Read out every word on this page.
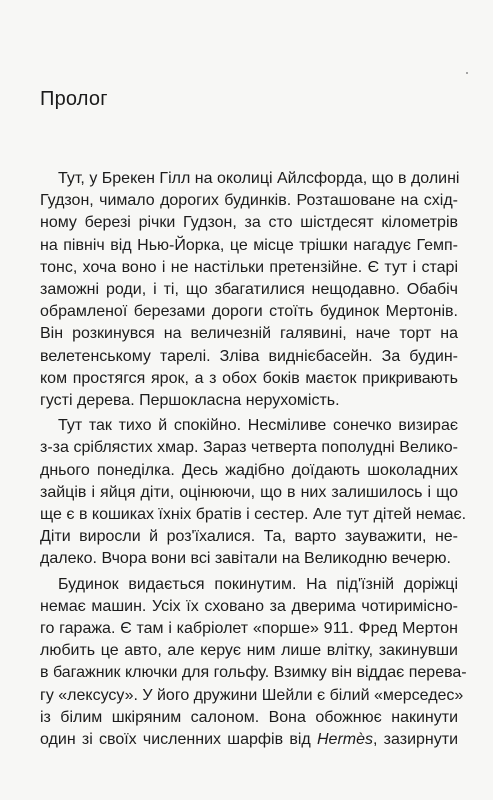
Пролог

Тут, у Брекен Гілл на околиці Айлсфорда, що в долині
Гудзон, чимало дорогих будинків. Розташоване на схід-
ному березі річки Гудзон, за сто шістдесят кілометрів
на північ від Нью-Йорка, це місце трішки нагадує Гемп-
тонс, хоча воно і не настільки претензійне. Є тут і старі
заможні роди, і ті, що збагатилися нещодавно. Обабіч
обрамленої березами дороги стоїть будинок Мертонів.
Він розкинувся на величезній галявині, наче торт на
велетенському тарелі. Зліва виднієбасейн. За будин-
ком простягся ярок, а з обох боків маєток прикривають
густі дерева. Першокласна нерухомість.

Тут так тихо й спокійно. Несміливе сонечко визирає
з-за сріблястих хмар. Зараз четверта пополудні Велико-
днього понеділка. Десь жадібно доїдають шоколадних
зайців і яйця діти, оцінюючи, що в них залишилось і що
ще є в кошиках їхніх братів і сестер. Але тут дітей немає.
Діти виросли й роз'їхалися. Та, варто зауважити, не-
далеко. Вчора вони всі завітали на Великодню вечерю.

Будинок видається покинутим. На під'їзній доріжці
немає машин. Усіх їх сховано за дверима чотиримісно-
го гаража. Є там і кабріолет «порше» 911. Фред Мертон
любить це авто, але керує ним лише влітку, закинувши
в багажник ключки для гольфу. Взимку він віддає перева-
гу «лексусу». У його дружини Шейли є білий «мерседес»
із білим шкіряним салоном. Вона обожнює накинути
один зі своїх численних шарфів від Hermès, зазирнути
